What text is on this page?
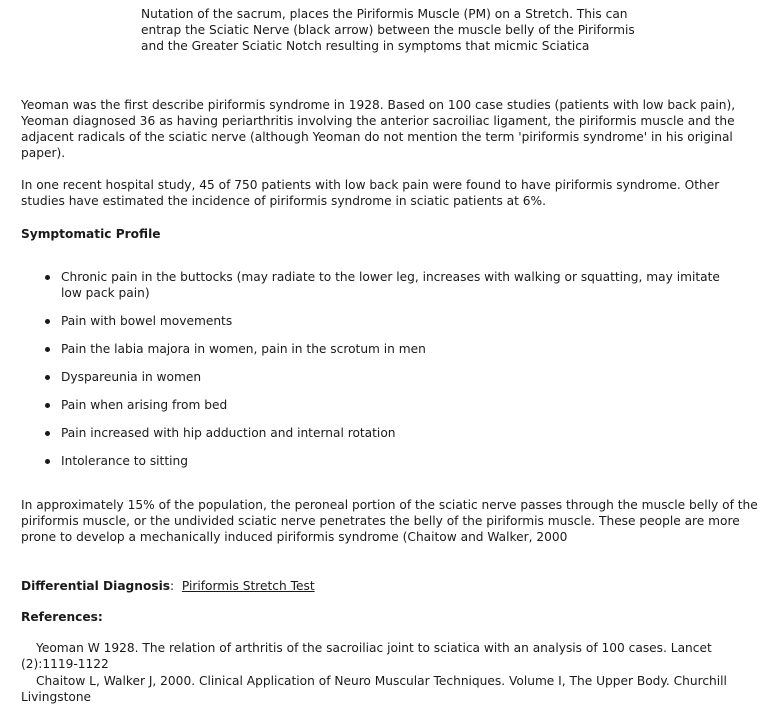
Nutation of the sacrum, places the Piriformis Muscle (PM) on a Stretch. This can entrap the Sciatic Nerve (black arrow) between the muscle belly of the Piriformis and the Greater Sciatic Notch resulting in symptoms that micmic Sciatica

Yeoman was the first describe piriformis syndrome in 1928. Based on 100 case studies (patients with low back pain), Yeoman diagnosed 36 as having periarthritis involving the anterior sacroiliac ligament, the piriformis muscle and the adjacent radicals of the sciatic nerve (although Yeoman do not mention the term 'piriformis syndrome' in his original paper).

In one recent hospital study, 45 of 750 patients with low back pain were found to have piriformis syndrome. Other studies have estimated the incidence of piriformis syndrome in sciatic patients at 6%.

Symptomatic Profile

Chronic pain in the buttocks (may radiate to the lower leg, increases with walking or squatting, may imitate low pack pain)
Pain with bowel movements
Pain the labia majora in women, pain in the scrotum in men
Dyspareunia in women
Pain when arising from bed
Pain increased with hip adduction and internal rotation
Intolerance to sitting

In approximately 15% of the population, the peroneal portion of the sciatic nerve passes through the muscle belly of the piriformis muscle, or the undivided sciatic nerve penetrates the belly of the piriformis muscle. These people are more prone to develop a mechanically induced piriformis syndrome (Chaitow and Walker, 2000

Differential Diagnosis: Piriformis Stretch Test

References:

Yeoman W 1928. The relation of arthritis of the sacroiliac joint to sciatica with an analysis of 100 cases. Lancet (2):1119-1122

Chaitow L, Walker J, 2000. Clinical Application of Neuro Muscular Techniques. Volume I, The Upper Body. Churchill Livingstone
